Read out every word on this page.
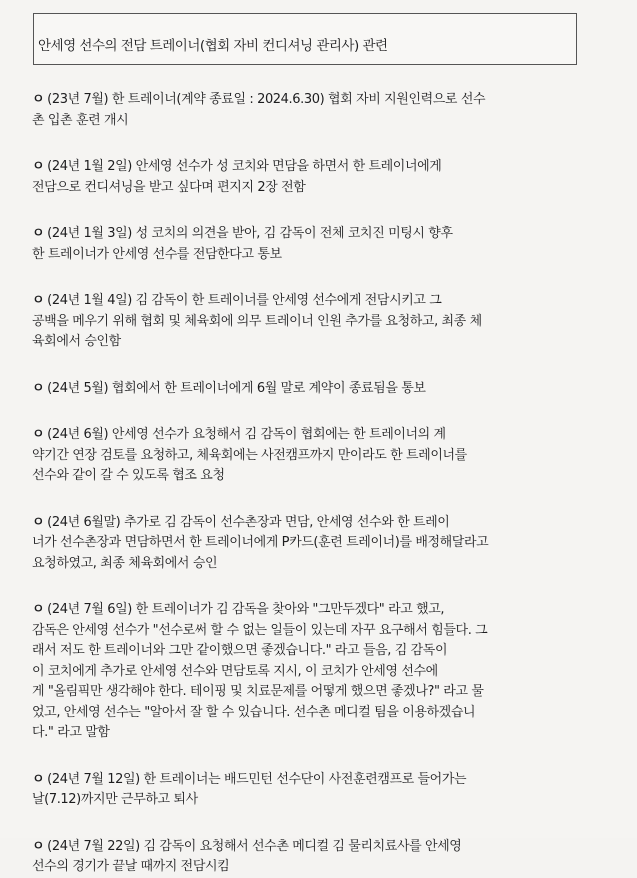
안세영 선수의 전담 트레이너(협회 자비 컨디셔닝 관리사) 관련
ㅇ (23년 7월) 한 트레이너(계약 종료일 : 2024.6.30) 협회 자비 지원인력으로 선수
촌 입촌 훈련 개시
ㅇ (24년 1월 2일) 안세영 선수가 성 코치와 면담을 하면서 한 트레이너에게
전담으로 컨디셔닝을 받고 싶다며 편지지 2장 전함
ㅇ (24년 1월 3일) 성 코치의 의견을 받아, 김 감독이 전체 코치진 미팅시 향후
한 트레이너가 안세영 선수를 전담한다고 통보
ㅇ (24년 1월 4일) 김 감독이 한 트레이너를 안세영 선수에게 전담시키고 그
공백을 메우기 위해 협회 및 체육회에 의무 트레이너 인원 추가를 요청하고, 최종 체
육회에서 승인함
ㅇ (24년 5월) 협회에서 한 트레이너에게 6월 말로 계약이 종료됨을 통보
ㅇ (24년 6월) 안세영 선수가 요청해서 김 감독이 협회에는 한 트레이너의 계
약기간 연장 검토를 요청하고, 체육회에는 사전캠프까지 만이라도 한 트레이너를
선수와 같이 갈 수 있도록 협조 요청
ㅇ (24년 6월말) 추가로 김 감독이 선수촌장과 면담, 안세영 선수와 한 트레이
너가 선수촌장과 면담하면서 한 트레이너에게 P카드(훈련 트레이너)를 배정해달라고
요청하였고, 최종 체육회에서 승인
ㅇ (24년 7월 6일) 한 트레이너가 김 감독을 찾아와 "그만두겠다" 라고 했고,
감독은 안세영 선수가 "선수로써 할 수 없는 일들이 있는데 자꾸 요구해서 힘들다. 그
래서 저도 한 트레이너와 그만 같이했으면 좋겠습니다." 라고 들음, 김 감독이
이 코치에게 추가로 안세영 선수와 면담토록 지시, 이 코치가 안세영 선수에
게 "올림픽만 생각해야 한다. 테이핑 및 치료문제를 어떻게 했으면 좋겠나?" 라고 물
었고, 안세영 선수는 "알아서 잘 할 수 있습니다. 선수촌 메디컬 팀을 이용하겠습니
다." 라고 말함
ㅇ (24년 7월 12일) 한 트레이너는 배드민턴 선수단이 사전훈련캠프로 들어가는
날(7.12)까지만 근무하고 퇴사
ㅇ (24년 7월 22일) 김 감독이 요청해서 선수촌 메디컬 김 물리치료사를 안세영
선수의 경기가 끝날 때까지 전담시킴
